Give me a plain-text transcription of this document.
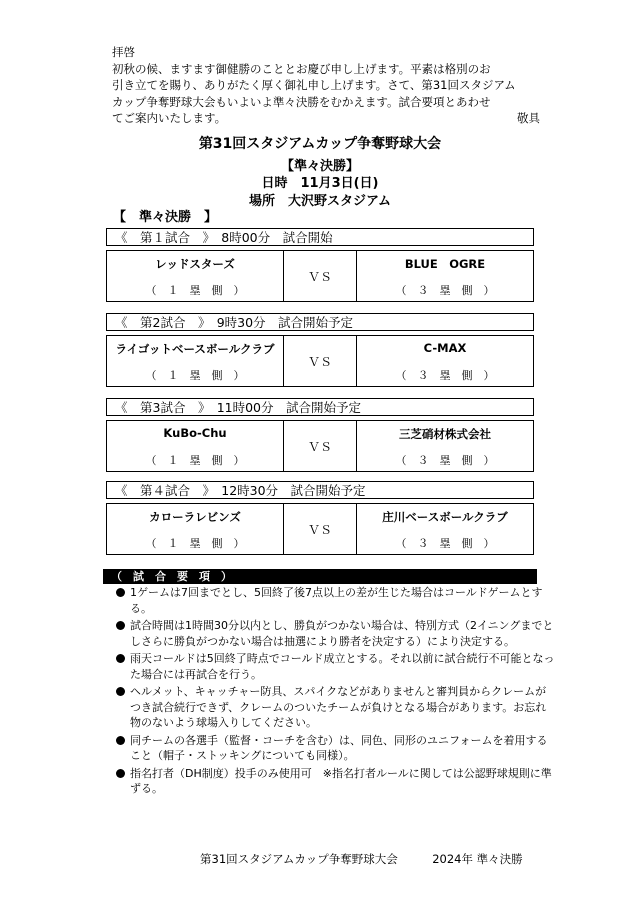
拝啓

初秋の候、ますます御健勝のこととお慶び申し上げます。平素は格別のお

引き立てを賜り、ありがたく厚く御礼申し上げます。さて、第31回スタジアム

カップ争奪野球大会もいよいよ準々決勝をむかえます。試合要項とあわせ

てご案内いたします。	敬具

第31回スタジアムカップ争奪野球大会
【準々決勝】
日時　11月3日(日)
場所　大沢野スタジアム
【　準々決勝　】
《　第１試合　》　8時00分　試合開始
レッドスターズ
（　１　塁　側　）
ＶＳ
BLUE　OGRE
（　３　塁　側　）
《　第2試合　》　9時30分　試合開始予定
ライゴットベースボールクラブ
（　１　塁　側　）
ＶＳ
C-MAX
（　３　塁　側　）
《　第3試合　》　11時00分　試合開始予定
KuBo-Chu
（　１　塁　側　）
ＶＳ
三芝硝材株式会社
（　３　塁　側　）
《　第４試合　》　12時30分　試合開始予定
カローラレビンズ
（　１　塁　側　）
ＶＳ
庄川ベースボールクラブ
（　３　塁　側　）
（　試　合　要　項　）
1ゲームは7回までとし、5回終了後7点以上の差が生じた場合はコールドゲームとする。
試合時間は1時間30分以内とし、勝負がつかない場合は、特別方式（2イニングまでとしさらに勝負がつかない場合は抽選により勝者を決定する）により決定する。
雨天コールドは5回終了時点でコールド成立とする。それ以前に試合続行不可能となった場合には再試合を行う。
ヘルメット、キャッチャー防具、スパイクなどがありませんと審判員からクレームがつき試合続行できず、クレームのついたチームが負けとなる場合があります。お忘れ物のないよう球場入りしてください。
同チームの各選手（監督・コーチを含む）は、同色、同形のユニフォームを着用すること（帽子・ストッキングについても同様）。
指名打者（DH制度）投手のみ使用可　※指名打者ルールに関しては公認野球規則に準ずる。
第31回スタジアムカップ争奪野球大会　　　	2024年 準々決勝
